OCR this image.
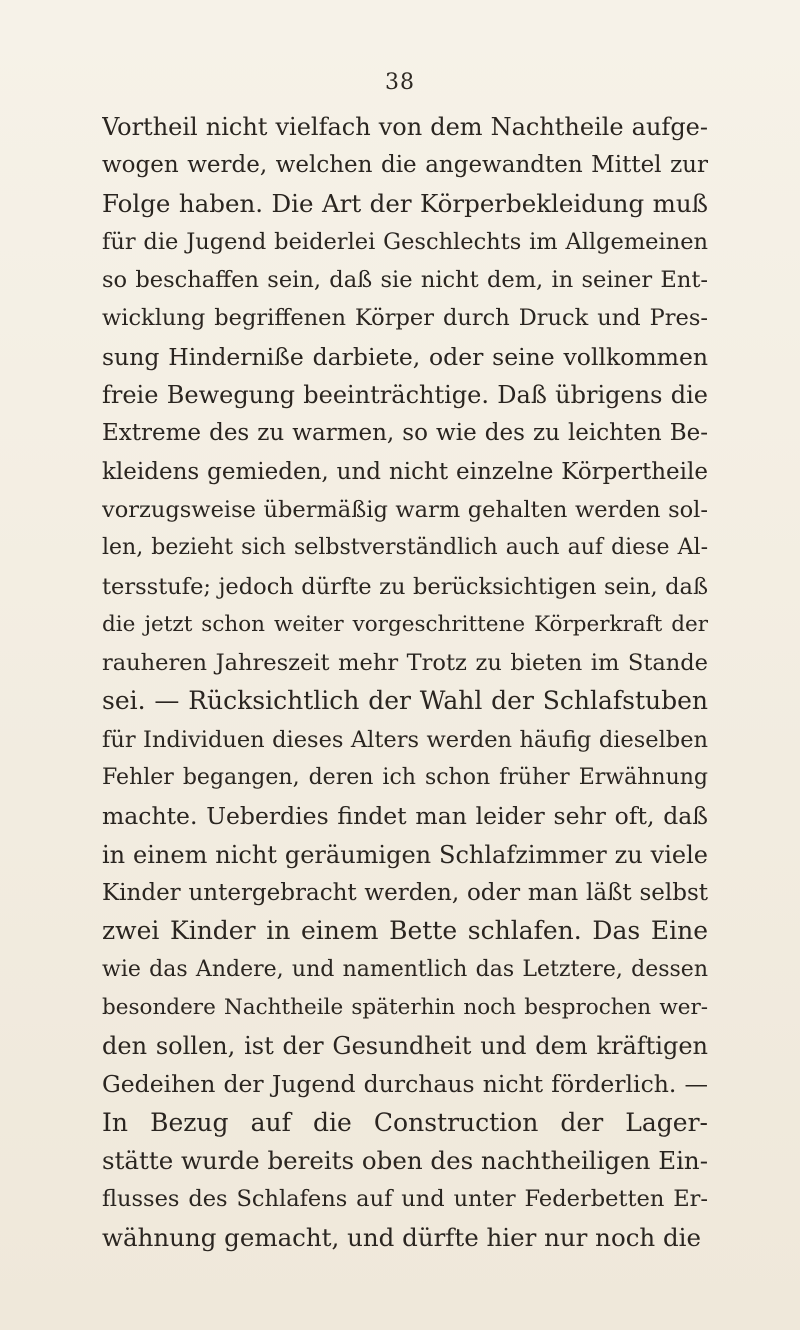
38
Vortheil nicht vielfach von dem Nachtheile aufge-
wogen werde, welchen die angewandten Mittel zur
Folge haben. Die Art der Körperbekleidung muß
für die Jugend beiderlei Geschlechts im Allgemeinen
so beschaffen sein, daß sie nicht dem, in seiner Ent-
wicklung begriffenen Körper durch Druck und Pres-
sung Hinderniße darbiete, oder seine vollkommen
freie Bewegung beeinträchtige. Daß übrigens die
Extreme des zu warmen, so wie des zu leichten Be-
kleidens gemieden, und nicht einzelne Körpertheile
vorzugsweise übermäßig warm gehalten werden sol-
len, bezieht sich selbstverständlich auch auf diese Al-
tersstufe; jedoch dürfte zu berücksichtigen sein, daß
die jetzt schon weiter vorgeschrittene Körperkraft der
rauheren Jahreszeit mehr Trotz zu bieten im Stande
sei. — Rücksichtlich der Wahl der Schlafstuben
für Individuen dieses Alters werden häufig dieselben
Fehler begangen, deren ich schon früher Erwähnung
machte. Ueberdies findet man leider sehr oft, daß
in einem nicht geräumigen Schlafzimmer zu viele
Kinder untergebracht werden, oder man läßt selbst
zwei Kinder in einem Bette schlafen. Das Eine
wie das Andere, und namentlich das Letztere, dessen
besondere Nachtheile späterhin noch besprochen wer-
den sollen, ist der Gesundheit und dem kräftigen
Gedeihen der Jugend durchaus nicht förderlich. —
In Bezug auf die Construction der Lager-
stätte wurde bereits oben des nachtheiligen Ein-
flusses des Schlafens auf und unter Federbetten Er-
wähnung gemacht, und dürfte hier nur noch die
